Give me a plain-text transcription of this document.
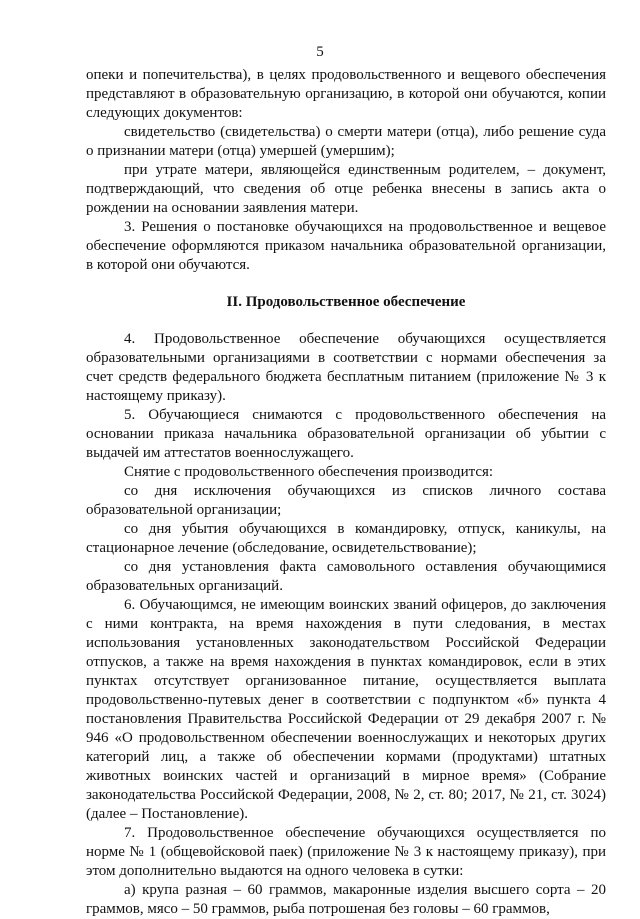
5

опеки и попечительства), в целях продовольственного и вещевого обеспечения представляют в образовательную организацию, в которой они обучаются, копии следующих документов:

свидетельство (свидетельства) о смерти матери (отца), либо решение суда о признании матери (отца) умершей (умершим);

при утрате матери, являющейся единственным родителем, – документ, подтверждающий, что сведения об отце ребенка внесены в запись акта о рождении на основании заявления матери.

3. Решения о постановке обучающихся на продовольственное и вещевое обеспечение оформляются приказом начальника образовательной организации, в которой они обучаются.

II. Продовольственное обеспечение

4. Продовольственное обеспечение обучающихся осуществляется образовательными организациями в соответствии с нормами обеспечения за счет средств федерального бюджета бесплатным питанием (приложение № 3 к настоящему приказу).

5. Обучающиеся снимаются с продовольственного обеспечения на основании приказа начальника образовательной организации об убытии с выдачей им аттестатов военнослужащего.

Снятие с продовольственного обеспечения производится:

со дня исключения обучающихся из списков личного состава образовательной организации;

со дня убытия обучающихся в командировку, отпуск, каникулы, на стационарное лечение (обследование, освидетельствование);

со дня установления факта самовольного оставления обучающимися образовательных организаций.

6. Обучающимся, не имеющим воинских званий офицеров, до заключения с ними контракта, на время нахождения в пути следования, в местах использования установленных законодательством Российской Федерации отпусков, а также на время нахождения в пунктах командировок, если в этих пунктах отсутствует организованное питание, осуществляется выплата продовольственно-путевых денег в соответствии с подпунктом «б» пункта 4 постановления Правительства Российской Федерации от 29 декабря 2007 г. № 946 «О продовольственном обеспечении военнослужащих и некоторых других категорий лиц, а также об обеспечении кормами (продуктами) штатных животных воинских частей и организаций в мирное время» (Собрание законодательства Российской Федерации, 2008, № 2, ст. 80; 2017, № 21, ст. 3024) (далее – Постановление).

7. Продовольственное обеспечение обучающихся осуществляется по норме № 1 (общевойсковой паек) (приложение № 3 к настоящему приказу), при этом дополнительно выдаются на одного человека в сутки:

а) крупа разная – 60 граммов, макаронные изделия высшего сорта – 20 граммов, мясо – 50 граммов, рыба потрошеная без головы – 60 граммов,
